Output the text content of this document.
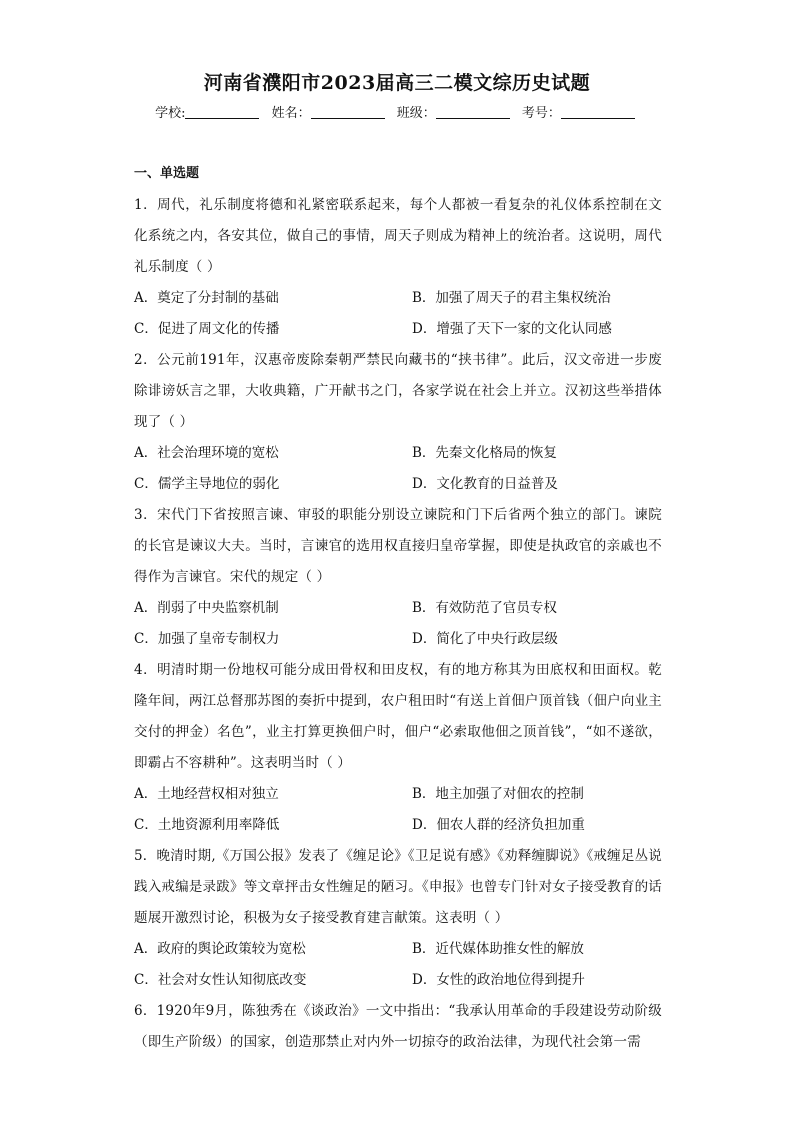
河南省濮阳市2023届高三二模文综历史试题
学校:	姓名：	班级：	考号：
一、单选题
1．周代，礼乐制度将德和礼紧密联系起来，每个人都被一看复杂的礼仪体系控制在文化系统之内，各安其位，做自己的事情，周天子则成为精神上的统治者。这说明，周代礼乐制度（ ）
A．奠定了分封制的基础	B．加强了周天子的君主集权统治
C．促进了周文化的传播	D．增强了天下一家的文化认同感
2．公元前191年，汉惠帝废除秦朝严禁民向藏书的“挟书律”。此后，汉文帝进一步废除诽谤妖言之罪，大收典籍，广开献书之门，各家学说在社会上并立。汉初这些举措体现了（ ）
A．社会治理环境的宽松	B．先秦文化格局的恢复
C．儒学主导地位的弱化	D．文化教育的日益普及
3．宋代门下省按照言谏、审驳的职能分别设立谏院和门下后省两个独立的部门。谏院的长官是谏议大夫。当时，言谏官的选用权直接归皇帝掌握，即使是执政官的亲戚也不得作为言谏官。宋代的规定（ ）
A．削弱了中央监察机制	B．有效防范了官员专权
C．加强了皇帝专制权力	D．简化了中央行政层级
4．明清时期一份地权可能分成田骨权和田皮权，有的地方称其为田底权和田面权。乾隆年间，两江总督那苏图的奏折中提到，农户租田时“有送上首佃户顶首钱（佃户向业主交付的押金）名色”，业主打算更换佃户时，佃户“必索取他佃之顶首钱”，“如不遂欲，即霸占不容耕种”。这表明当时（ ）
A．土地经营权相对独立	B．地主加强了对佃农的控制
C．土地资源利用率降低	D．佃农人群的经济负担加重
5．晚清时期,《万国公报》发表了《缠足论》《卫足说有感》《劝释缠脚说》《戒缠足丛说践入戒编是录跋》等文章抨击女性缠足的陋习。《申报》也曾专门针对女子接受教育的话题展开激烈讨论，积极为女子接受教育建言献策。这表明（ ）
A．政府的舆论政策较为宽松	B．近代媒体助推女性的解放
C．社会对女性认知彻底改变	D．女性的政治地位得到提升
6．1920年9月，陈独秀在《谈政治》一文中指出：“我承认用革命的手段建设劳动阶级（即生产阶级）的国家，创造那禁止对内外一切掠夺的政治法律，为现代社会第一需
